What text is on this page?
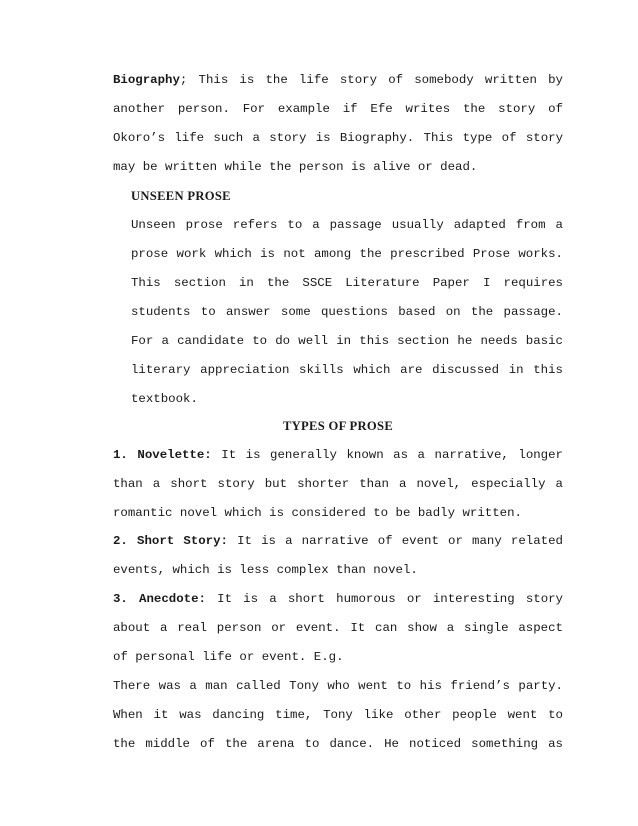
Biography; This is the life story of somebody written by
another person. For example if Efe writes the story of
Okoro’s life such a story is Biography. This type of story
may be written while the person is alive or dead.
UNSEEN PROSE
Unseen prose refers to a passage usually adapted from a
prose work which is not among the prescribed Prose works.
This section in the SSCE Literature Paper I requires
students to answer some questions based on the passage.
For a candidate to do well in this section he needs basic
literary appreciation skills which are discussed in this
textbook.
TYPES OF PROSE
1. Novelette: It is generally known as a narrative, longer
than a short story but shorter than a novel, especially a
romantic novel which is considered to be badly written.
2. Short Story: It is a narrative of event or many related
events, which is less complex than novel.
3. Anecdote: It is a short humorous or interesting story
about a real person or event. It can show a single aspect
of personal life or event. E.g.
There was a man called Tony who went to his friend’s party.
When it was dancing time, Tony like other people went to
the middle of the arena to dance. He noticed something as
